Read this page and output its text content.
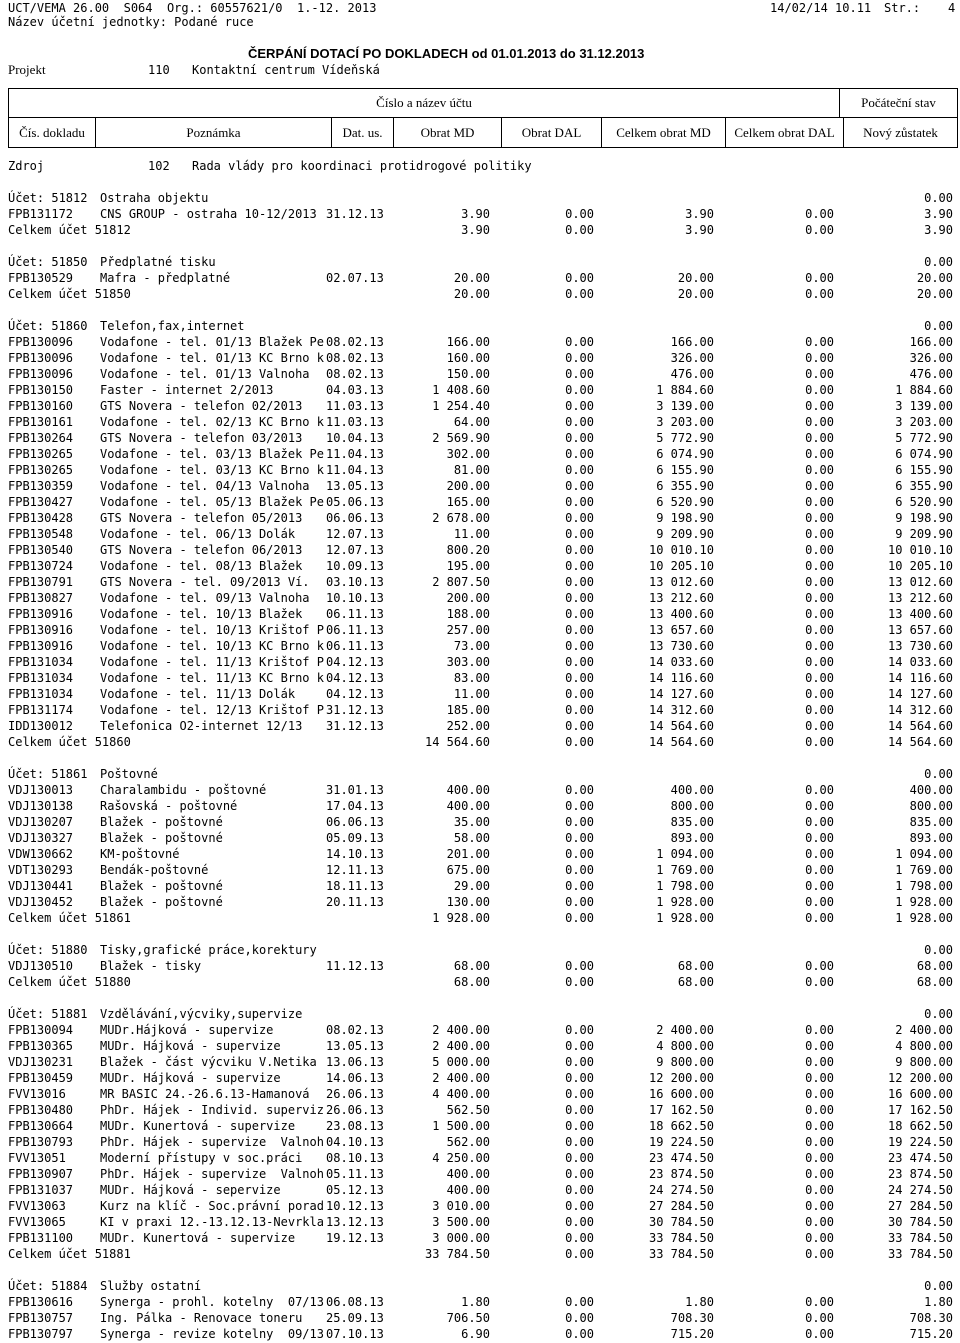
UCT/VEMA 26.00  S064  Org.: 60557621/0  1.-12. 2013

	14/02/14 10.11

Str.:

4

Název účetní jednotky: Podané ruce

ČERPÁNÍ DOTACÍ PO DOKLADECH od 01.01.2013 do 31.12.2013

Projekt

	110

Kontaktní centrum Vídeňská

Číslo a název účtu	Počáteční stav
Čís. dokladu	Poznámka	Dat. us.	Obrat MD	Obrat DAL	Celkem obrat MD	Celkem obrat DAL	Nový zůstatek

Zdroj

	102

Rada vlády pro koordinaci protidrogové politiky

Účet: 51812 Ostraha objektu	0.00
FPB131172 CNS GROUP - ostraha 10-12/2013 31.12.13	3.90	0.00	3.90	0.00	3.90
Celkem účet 51812	3.90	0.00	3.90	0.00	3.90
Účet: 51850 Předplatné tisku	0.00
FPB130529 Mafra - předplatné	02.07.13	20.00	0.00	20.00	0.00	20.00
Celkem účet 51850	20.00	0.00	20.00	0.00	20.00
Účet: 51860 Telefon,fax,internet	0.00
FPB130096 Vodafone - tel. 01/13 Blažek Pe 08.02.13	166.00	0.00	166.00	0.00	166.00
FPB130096 Vodafone - tel. 01/13 KC Brno k 08.02.13	160.00	0.00	326.00	0.00	326.00
FPB130096 Vodafone - tel. 01/13 Valnoha 08.02.13	150.00	0.00	476.00	0.00	476.00
FPB130150 Faster - internet 2/2013	04.03.13	1 408.60	0.00	1 884.60	0.00	1 884.60
FPB130160 GTS Novera - telefon 02/2013 11.03.13	1 254.40	0.00	3 139.00	0.00	3 139.00
FPB130161 Vodafone - tel. 02/13 KC Brno k 11.03.13	64.00	0.00	3 203.00	0.00	3 203.00
FPB130264 GTS Novera - telefon 03/2013 10.04.13	2 569.90	0.00	5 772.90	0.00	5 772.90
FPB130265 Vodafone - tel. 03/13 Blažek Pe 11.04.13	302.00	0.00	6 074.90	0.00	6 074.90
FPB130265 Vodafone - tel. 03/13 KC Brno k 11.04.13	81.00	0.00	6 155.90	0.00	6 155.90
FPB130359 Vodafone - tel. 04/13 Valnoha 13.05.13	200.00	0.00	6 355.90	0.00	6 355.90
FPB130427 Vodafone - tel. 05/13 Blažek Pe 05.06.13	165.00	0.00	6 520.90	0.00	6 520.90
FPB130428 GTS Novera - telefon 05/2013 06.06.13	2 678.00	0.00	9 198.90	0.00	9 198.90
FPB130548 Vodafone - tel. 06/13 Dolák	12.07.13	11.00	0.00	9 209.90	0.00	9 209.90
FPB130540 GTS Novera - telefon 06/2013 12.07.13	800.20	0.00	10 010.10	0.00	10 010.10
FPB130724 Vodafone - tel. 08/13 Blažek 10.09.13	195.00	0.00	10 205.10	0.00	10 205.10
FPB130791 GTS Novera - tel. 09/2013 Ví. 03.10.13	2 807.50	0.00	13 012.60	0.00	13 012.60
FPB130827 Vodafone - tel. 09/13 Valnoha 10.10.13	200.00	0.00	13 212.60	0.00	13 212.60
FPB130916 Vodafone - tel. 10/13 Blažek 06.11.13	188.00	0.00	13 400.60	0.00	13 400.60
FPB130916 Vodafone - tel. 10/13 Krištof P 06.11.13	257.00	0.00	13 657.60	0.00	13 657.60
FPB130916 Vodafone - tel. 10/13 KC Brno k 06.11.13	73.00	0.00	13 730.60	0.00	13 730.60
FPB131034 Vodafone - tel. 11/13 Krištof P 04.12.13	303.00	0.00	14 033.60	0.00	14 033.60
FPB131034 Vodafone - tel. 11/13 KC Brno k 04.12.13	83.00	0.00	14 116.60	0.00	14 116.60
FPB131034 Vodafone - tel. 11/13 Dolák	04.12.13	11.00	0.00	14 127.60	0.00	14 127.60
FPB131174 Vodafone - tel. 12/13 Krištof P 31.12.13	185.00	0.00	14 312.60	0.00	14 312.60
IDD130012 Telefonica O2-internet 12/13 31.12.13	252.00	0.00	14 564.60	0.00	14 564.60
Celkem účet 51860	14 564.60	0.00	14 564.60	0.00	14 564.60
Účet: 51861 Poštovné	0.00
VDJ130013 Charalambidu - poštovné	31.01.13	400.00	0.00	400.00	0.00	400.00
VDJ130138 Rašovská - poštovné	17.04.13	400.00	0.00	800.00	0.00	800.00
VDJ130207 Blažek - poštovné	06.06.13	35.00	0.00	835.00	0.00	835.00
VDJ130327 Blažek - poštovné	05.09.13	58.00	0.00	893.00	0.00	893.00
VDW130662 KM-poštovné	14.10.13	201.00	0.00	1 094.00	0.00	1 094.00
VDT130293 Bendák-poštovné	12.11.13	675.00	0.00	1 769.00	0.00	1 769.00
VDJ130441 Blažek - poštovné	18.11.13	29.00	0.00	1 798.00	0.00	1 798.00
VDJ130452 Blažek - poštovné	20.11.13	130.00	0.00	1 928.00	0.00	1 928.00
Celkem účet 51861	1 928.00	0.00	1 928.00	0.00	1 928.00
Účet: 51880 Tisky,grafické práce,korektury	0.00
VDJ130510 Blažek - tisky	11.12.13	68.00	0.00	68.00	0.00	68.00
Celkem účet 51880	68.00	0.00	68.00	0.00	68.00
Účet: 51881 Vzdělávání,výcviky,supervize	0.00
FPB130094 MUDr.Hájková - supervize	08.02.13	2 400.00	0.00	2 400.00	0.00	2 400.00
FPB130365 MUDr. Hájková - supervize	13.05.13	2 400.00	0.00	4 800.00	0.00	4 800.00
VDJ130231 Blažek - část výcviku V.Netika 13.06.13	5 000.00	0.00	9 800.00	0.00	9 800.00
FPB130459 MUDr. Hájková - supervize	14.06.13	2 400.00	0.00	12 200.00	0.00	12 200.00
FVV13016	MR BASIC 24.-26.6.13-Hamanová 26.06.13	4 400.00	0.00	16 600.00	0.00	16 600.00
FPB130480 PhDr. Hájek - Individ. superviz 26.06.13	562.50	0.00	17 162.50	0.00	17 162.50
FPB130664 MUDr. Kunertová - supervize	23.08.13	1 500.00	0.00	18 662.50	0.00	18 662.50
FPB130793 PhDr. Hájek - supervize  Valnoh 04.10.13	562.00	0.00	19 224.50	0.00	19 224.50
FVV13051	Moderní přístupy v soc.práci 08.10.13	4 250.00	0.00	23 474.50	0.00	23 474.50
FPB130907 PhDr. Hájek - supervize  Valnoh 05.11.13	400.00	0.00	23 874.50	0.00	23 874.50
FPB131037 MUDr. Hájková - sepervize	05.12.13	400.00	0.00	24 274.50	0.00	24 274.50
FVV13063	Kurz na klíč - Soc.právní porad 10.12.13	3 010.00	0.00	27 284.50	0.00	27 284.50
FVV13065	KI v praxi 12.-13.12.13-Nevrkla 13.12.13	3 500.00	0.00	30 784.50	0.00	30 784.50
FPB131100 MUDr. Kunertová - supervize	19.12.13	3 000.00	0.00	33 784.50	0.00	33 784.50
Celkem účet 51881	33 784.50	0.00	33 784.50	0.00	33 784.50
Účet: 51884 Služby ostatní	0.00
FPB130616 Synerga - prohl. kotelny  07/13 06.08.13	1.80	0.00	1.80	0.00	1.80
FPB130757 Ing. Pálka - Renovace toneru 25.09.13	706.50	0.00	708.30	0.00	708.30
FPB130797 Synerga - revize kotelny  09/13 07.10.13	6.90	0.00	715.20	0.00	715.20
